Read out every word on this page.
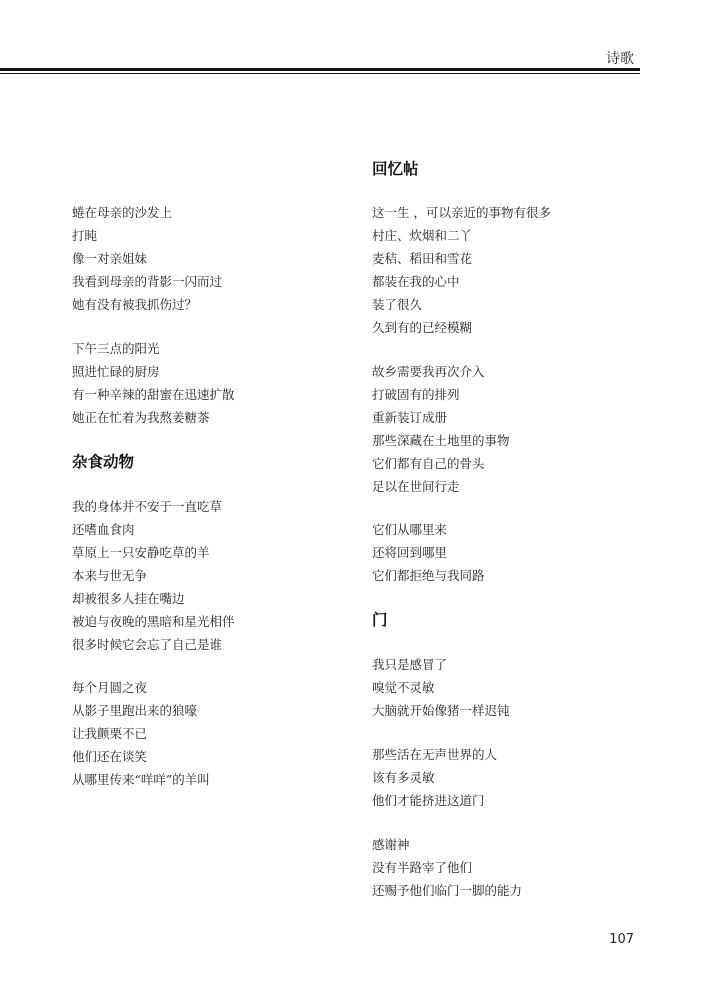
诗歌
蜷在母亲的沙发上
打盹
像一对亲姐妹
我看到母亲的背影一闪而过
她有没有被我抓伤过？
下午三点的阳光
照进忙碌的厨房
有一种辛辣的甜蜜在迅速扩散
她正在忙着为我熬姜糖茶
杂食动物
我的身体并不安于一直吃草
还嗜血食肉
草原上一只安静吃草的羊
本来与世无争
却被很多人挂在嘴边
被迫与夜晚的黑暗和星光相伴
很多时候它会忘了自己是谁
每个月圆之夜
从影子里跑出来的狼嚎
让我颤栗不已
他们还在谈笑
从哪里传来“咩咩”的羊叫
回忆帖
这一生 ，可以亲近的事物有很多
村庄、炊烟和二丫
麦秸、稻田和雪花
都装在我的心中
装了很久
久到有的已经模糊
故乡需要我再次介入
打破固有的排列
重新装订成册
那些深藏在土地里的事物
它们都有自己的骨头
足以在世间行走
它们从哪里来
还将回到哪里
它们都拒绝与我同路
门
我只是感冒了
嗅觉不灵敏
大脑就开始像猪一样迟钝
那些活在无声世界的人
该有多灵敏
他们才能挤进这道门
感谢神
没有半路宰了他们
还赐予他们临门一脚的能力
107
